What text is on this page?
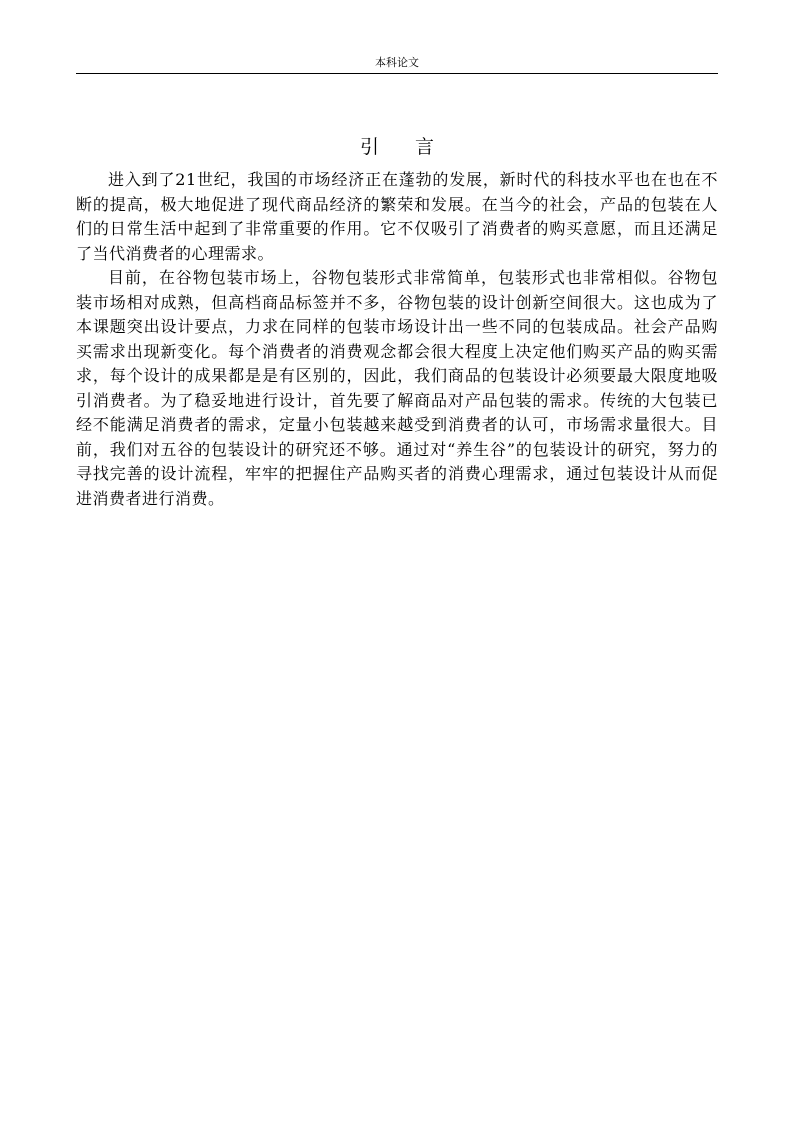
本科论文
引言

进入到了21世纪，我国的市场经济正在蓬勃的发展，新时代的科技水平也在也在不断的提高，极大地促进了现代商品经济的繁荣和发展。在当今的社会，产品的包装在人们的日常生活中起到了非常重要的作用。它不仅吸引了消费者的购买意愿，而且还满足了当代消费者的心理需求。

目前，在谷物包装市场上，谷物包装形式非常简单，包装形式也非常相似。谷物包装市场相对成熟，但高档商品标签并不多，谷物包装的设计创新空间很大。这也成为了本课题突出设计要点，力求在同样的包装市场设计出一些不同的包装成品。社会产品购买需求出现新变化。每个消费者的消费观念都会很大程度上决定他们购买产品的购买需求，每个设计的成果都是是有区别的，因此，我们商品的包装设计必须要最大限度地吸引消费者。为了稳妥地进行设计，首先要了解商品对产品包装的需求。传统的大包装已经不能满足消费者的需求，定量小包装越来越受到消费者的认可，市场需求量很大。目前，我们对五谷的包装设计的研究还不够。通过对“养生谷”的包装设计的研究，努力的寻找完善的设计流程，牢牢的把握住产品购买者的消费心理需求，通过包装设计从而促进消费者进行消费。
